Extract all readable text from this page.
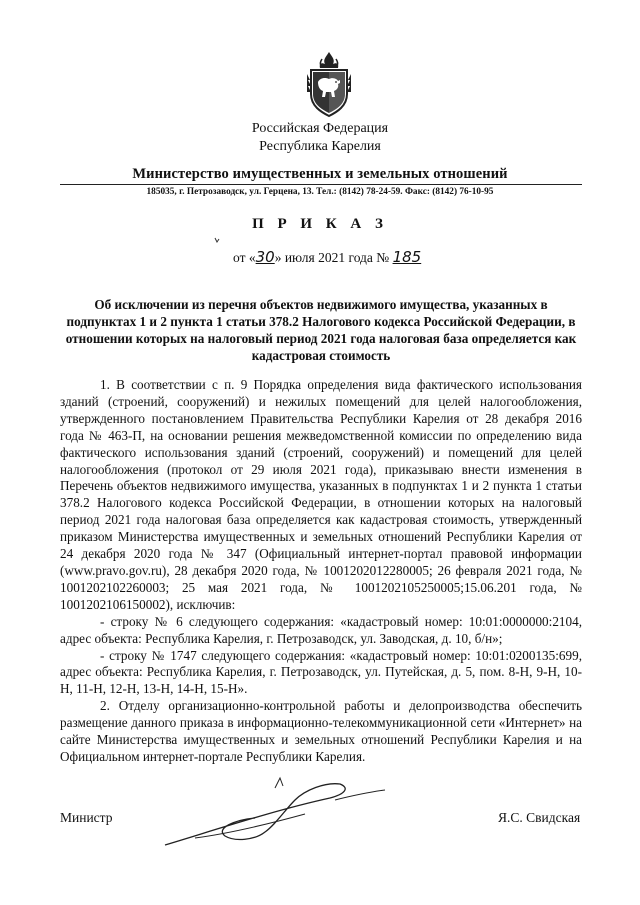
Российская Федерация
Республика Карелия
Министерство имущественных и земельных отношений
185035, г. Петрозаводск, ул. Герцена, 13. Тел.: (8142) 78-24-59. Факс: (8142) 76-10-95
П Р И К А З
от «30» июля 2021 года № 185
Об исключении из перечня объектов недвижимого имущества, указанных в подпунктах 1 и 2 пункта 1 статьи 378.2 Налогового кодекса Российской Федерации, в отношении которых на налоговый период 2021 года налоговая база определяется как кадастровая стоимость

1. В соответствии с п. 9 Порядка определения вида фактического использования зданий (строений, сооружений) и нежилых помещений для целей налогообложения, утвержденного постановлением Правительства Республики Карелия от 28 декабря 2016 года № 463-П, на основании решения межведомственной комиссии по определению вида фактического использования зданий (строений, сооружений) и помещений для целей налогообложения (протокол от 29 июля 2021 года), приказываю внести изменения в Перечень объектов недвижимого имущества, указанных в подпунктах 1 и 2 пункта 1 статьи 378.2 Налогового кодекса Российской Федерации, в отношении которых на налоговый период 2021 года налоговая база определяется как кадастровая стоимость, утвержденный приказом Министерства имущественных и земельных отношений Республики Карелия от 24 декабря 2020 года № 347 (Официальный интернет-портал правовой информации (www.pravo.gov.ru), 28 декабря 2020 года, № 1001202012280005; 26 февраля 2021 года, № 1001202102260003; 25 мая 2021 года, № 1001202105250005;15.06.201 года, № 1001202106150002), исключив:

- строку № 6 следующего содержания: «кадастровый номер: 10:01:0000000:2104, адрес объекта: Республика Карелия, г. Петрозаводск, ул. Заводская, д. 10, б/н»;

- строку № 1747 следующего содержания: «кадастровый номер: 10:01:0200135:699, адрес объекта: Республика Карелия, г. Петрозаводск, ул. Путейская, д. 5, пом. 8-Н, 9-Н, 10-Н, 11-Н, 12-Н, 13-Н, 14-Н, 15-Н».

2. Отделу организационно-контрольной работы и делопроизводства обеспечить размещение данного приказа в информационно-телекоммуникационной сети «Интернет» на сайте Министерства имущественных и земельных отношений Республики Карелия и на Официальном интернет-портале Республики Карелия.

Министр	Я.С. Свидская
